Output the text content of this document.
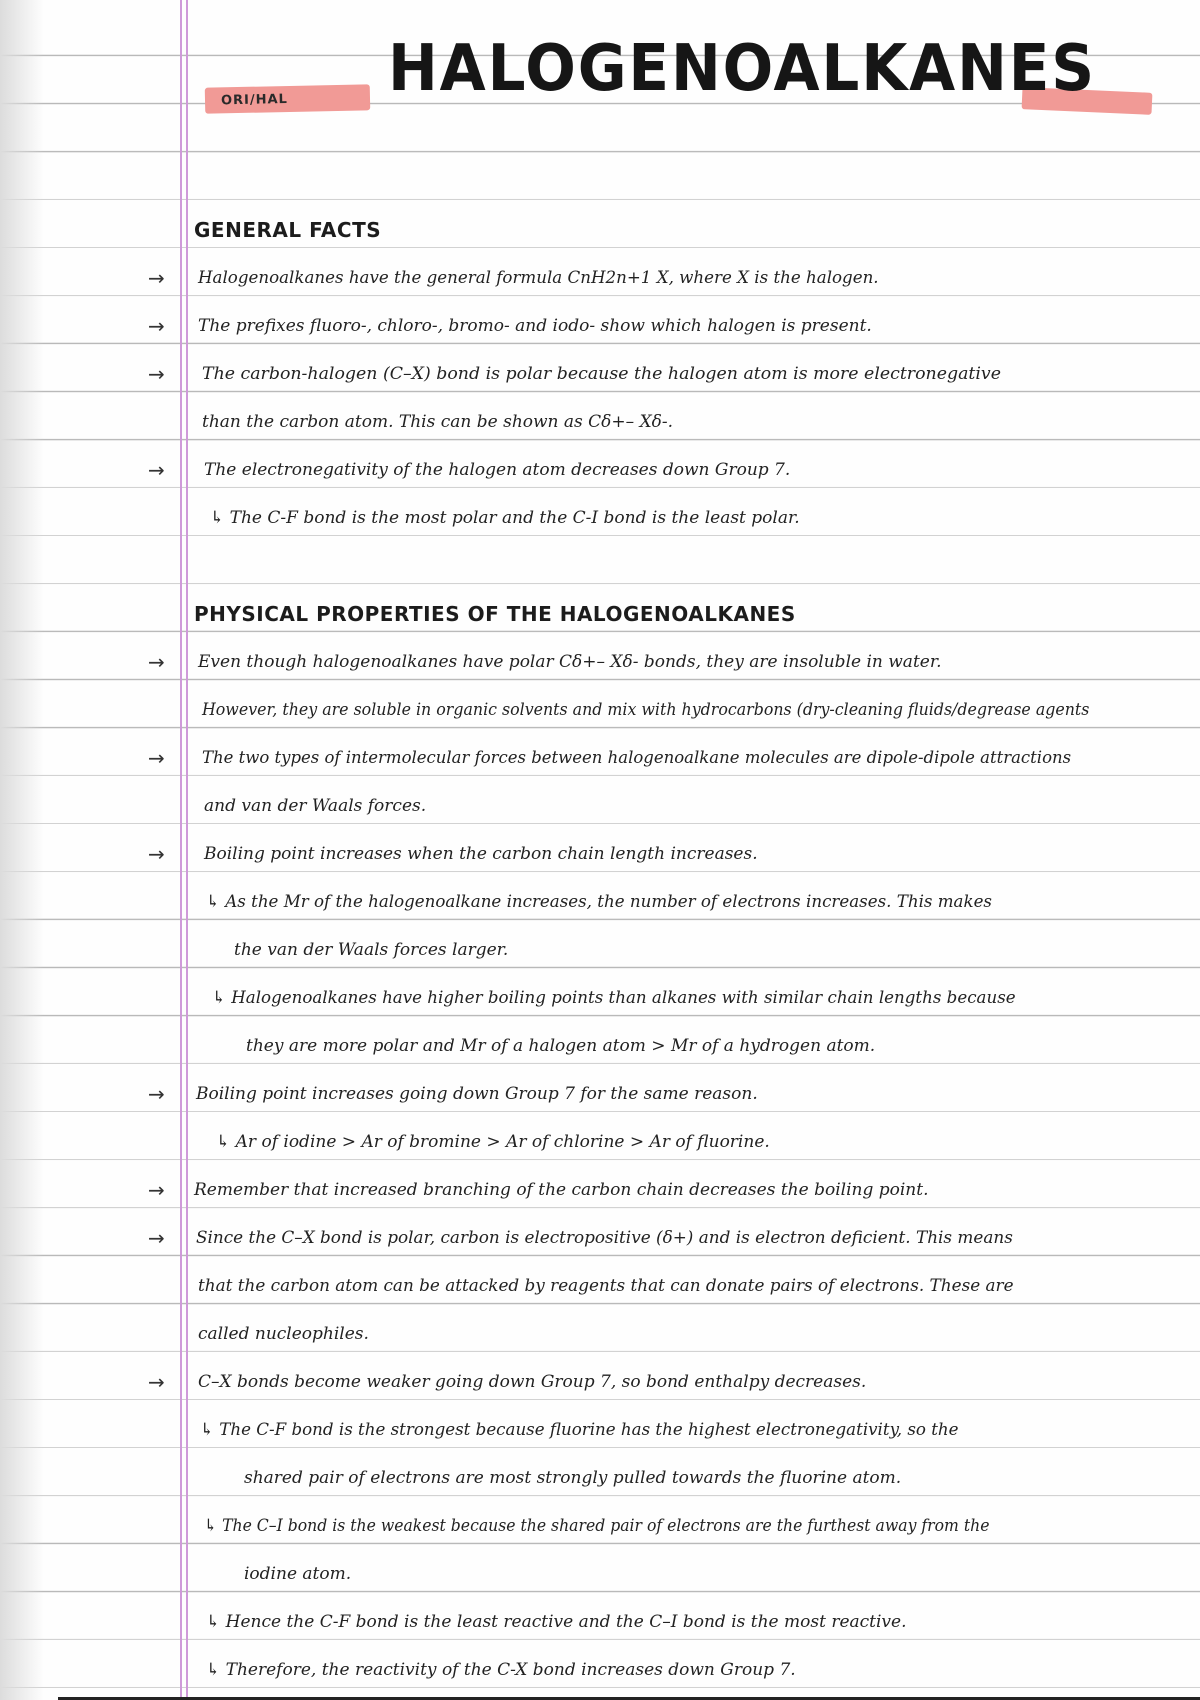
ORI/HAL HALOGENOALKANES
GENERAL FACTS
→ Halogenoalkanes have the general formula CnH2n+1 X, where X is the halogen.
→ The prefixes fluoro-, chloro-, bromo- and iodo- show which halogen is present.
→ The carbon-halogen (C–X) bond is polar because the halogen atom is more electronegative
than the carbon atom. This can be shown as Cδ+– Xδ-.
→ The electronegativity of the halogen atom decreases down Group 7.
↳ The C-F bond is the most polar and the C-I bond is the least polar.
PHYSICAL PROPERTIES OF THE HALOGENOALKANES
→ Even though halogenoalkanes have polar Cδ+– Xδ- bonds, they are insoluble in water.
However, they are soluble in organic solvents and mix with hydrocarbons (dry-cleaning fluids/degrease agents
→ The two types of intermolecular forces between halogenoalkane molecules are dipole-dipole attractions
and van der Waals forces.
→ Boiling point increases when the carbon chain length increases.
↳ As the Mr of the halogenoalkane increases, the number of electrons increases. This makes
the van der Waals forces larger.
↳ Halogenoalkanes have higher boiling points than alkanes with similar chain lengths because
they are more polar and Mr of a halogen atom > Mr of a hydrogen atom.
→ Boiling point increases going down Group 7 for the same reason.
↳ Ar of iodine > Ar of bromine > Ar of chlorine > Ar of fluorine.
→ Remember that increased branching of the carbon chain decreases the boiling point.
→ Since the C–X bond is polar, carbon is electropositive (δ+) and is electron deficient. This means
that the carbon atom can be attacked by reagents that can donate pairs of electrons. These are
called nucleophiles.
→ C–X bonds become weaker going down Group 7, so bond enthalpy decreases.
↳ The C-F bond is the strongest because fluorine has the highest electronegativity, so the
shared pair of electrons are most strongly pulled towards the fluorine atom.
↳ The C–I bond is the weakest because the shared pair of electrons are the furthest away from the
iodine atom.
↳ Hence the C-F bond is the least reactive and the C–I bond is the most reactive.
↳ Therefore, the reactivity of the C-X bond increases down Group 7.
